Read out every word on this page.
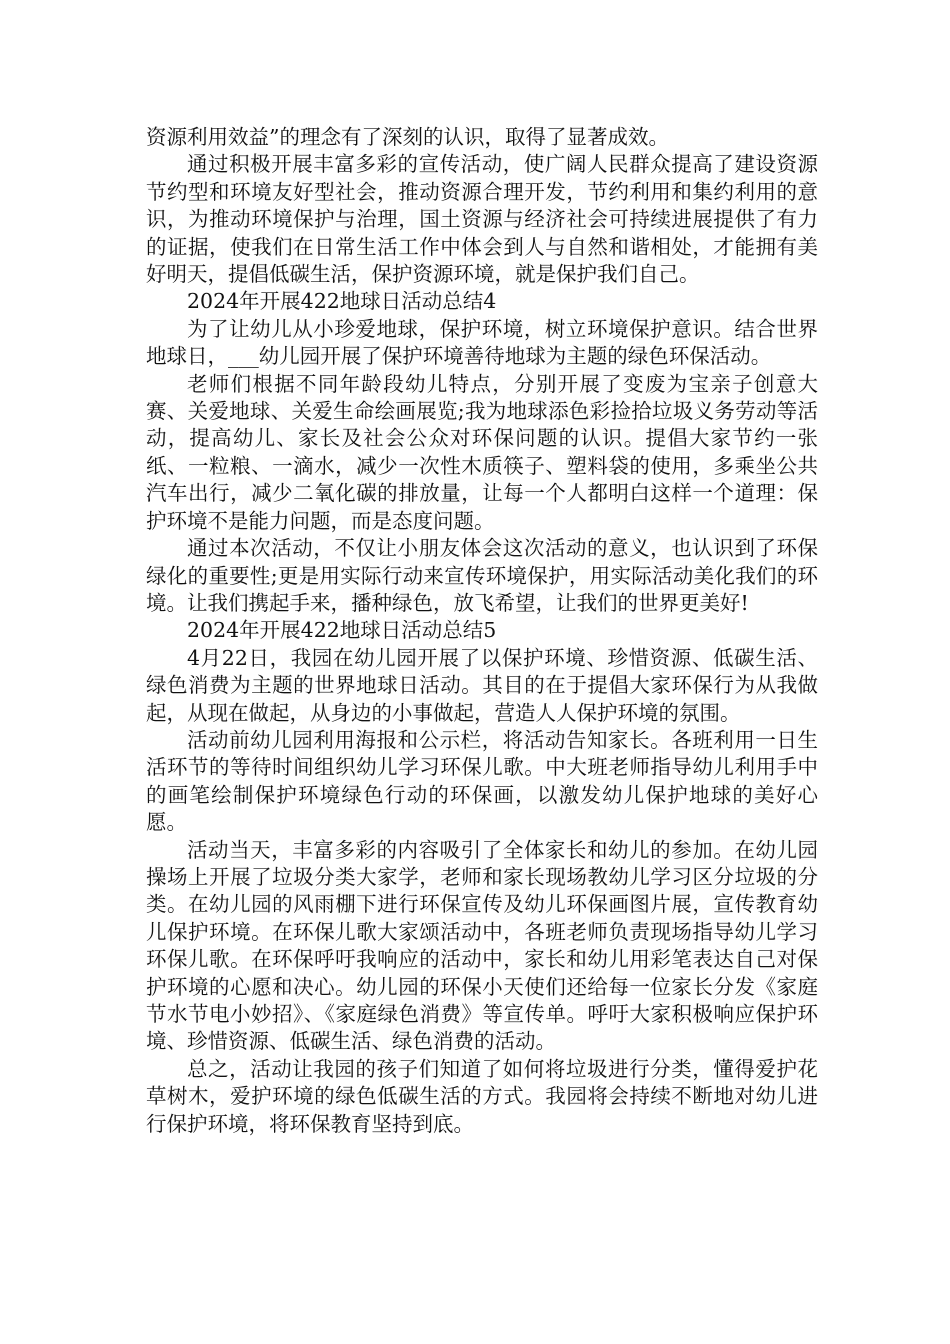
资源利用效益”的理念有了深刻的认识，取得了显著成效。

通过积极开展丰富多彩的宣传活动，使广阔人民群众提高了建设资源节约型和环境友好型社会，推动资源合理开发，节约利用和集约利用的意识，为推动环境保护与治理，国土资源与经济社会可持续进展提供了有力的证据，使我们在日常生活工作中体会到人与自然和谐相处，才能拥有美好明天，提倡低碳生活，保护资源环境，就是保护我们自己。

2024年开展422地球日活动总结4

为了让幼儿从小珍爱地球，保护环境，树立环境保护意识。结合世界地球日，___幼儿园开展了保护环境善待地球为主题的绿色环保活动。

老师们根据不同年龄段幼儿特点，分别开展了变废为宝亲子创意大赛、关爱地球、关爱生命绘画展览;我为地球添色彩捡拾垃圾义务劳动等活动，提高幼儿、家长及社会公众对环保问题的认识。提倡大家节约一张纸、一粒粮、一滴水，减少一次性木质筷子、塑料袋的使用，多乘坐公共汽车出行，减少二氧化碳的排放量，让每一个人都明白这样一个道理：保护环境不是能力问题，而是态度问题。

通过本次活动，不仅让小朋友体会这次活动的意义，也认识到了环保绿化的重要性;更是用实际行动来宣传环境保护，用实际活动美化我们的环境。让我们携起手来，播种绿色，放飞希望，让我们的世界更美好!

2024年开展422地球日活动总结5

4月22日，我园在幼儿园开展了以保护环境、珍惜资源、低碳生活、绿色消费为主题的世界地球日活动。其目的在于提倡大家环保行为从我做起，从现在做起，从身边的小事做起，营造人人保护环境的氛围。

活动前幼儿园利用海报和公示栏，将活动告知家长。各班利用一日生活环节的等待时间组织幼儿学习环保儿歌。中大班老师指导幼儿利用手中的画笔绘制保护环境绿色行动的环保画，以激发幼儿保护地球的美好心愿。

活动当天，丰富多彩的内容吸引了全体家长和幼儿的参加。在幼儿园操场上开展了垃圾分类大家学，老师和家长现场教幼儿学习区分垃圾的分类。在幼儿园的风雨棚下进行环保宣传及幼儿环保画图片展，宣传教育幼儿保护环境。在环保儿歌大家颂活动中，各班老师负责现场指导幼儿学习环保儿歌。在环保呼吁我响应的活动中，家长和幼儿用彩笔表达自己对保护环境的心愿和决心。幼儿园的环保小天使们还给每一位家长分发《家庭节水节电小妙招》、《家庭绿色消费》等宣传单。呼吁大家积极响应保护环境、珍惜资源、低碳生活、绿色消费的活动。

总之，活动让我园的孩子们知道了如何将垃圾进行分类，懂得爱护花草树木，爱护环境的绿色低碳生活的方式。我园将会持续不断地对幼儿进行保护环境，将环保教育坚持到底。
